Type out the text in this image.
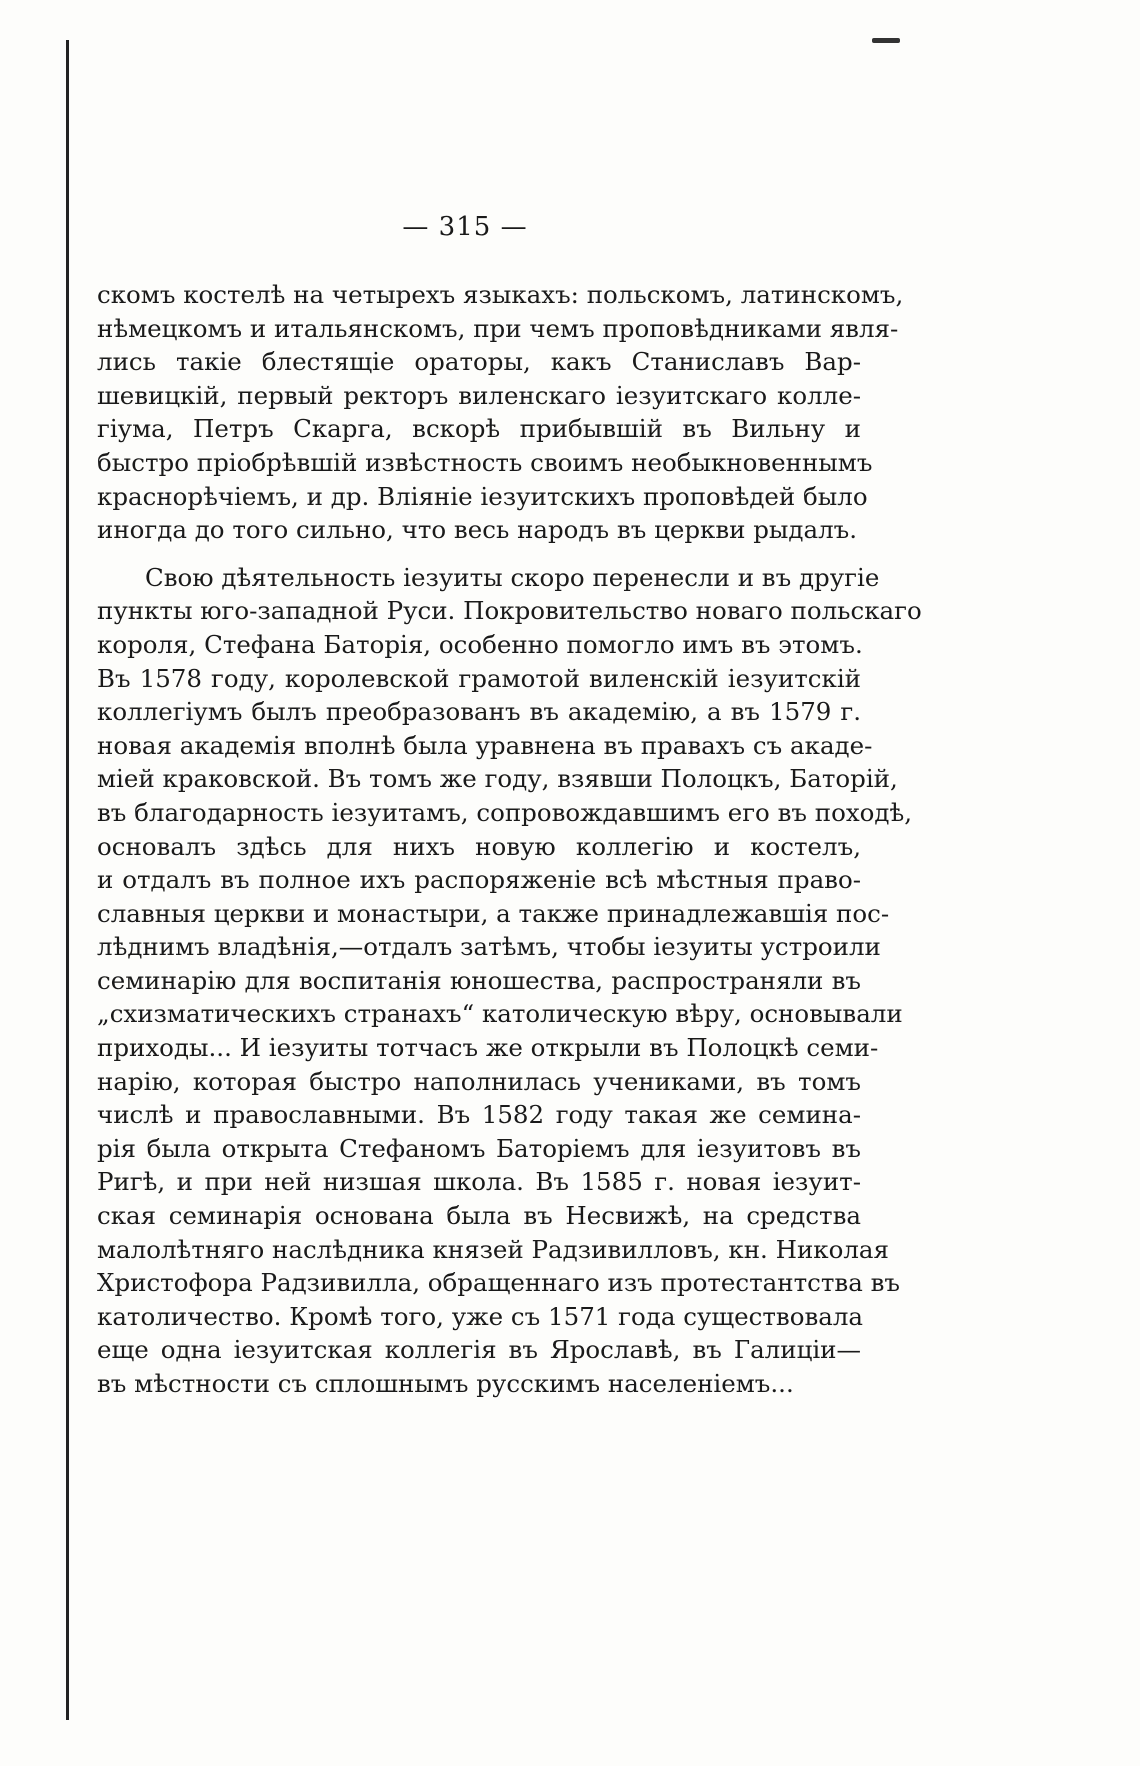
— 315 —
скомъ костелѣ на четырехъ языкахъ: польскомъ, латинскомъ,
нѣмецкомъ и итальянскомъ, при чемъ проповѣдниками явля-
лись такіе блестящіе ораторы, какъ Станиславъ Вар-
шевицкій, первый ректоръ виленскаго іезуитскаго колле-
гіума, Петръ Скарга, вскорѣ прибывшій въ Вильну и
быстро пріобрѣвшій извѣстность своимъ необыкновеннымъ
краснорѣчіемъ, и др. Вліяніе іезуитскихъ проповѣдей было
иногда до того сильно, что весь народъ въ церкви рыдалъ.
Свою дѣятельность іезуиты скоро перенесли и въ другіе
пункты юго-западной Руси. Покровительство новаго польскаго
короля, Стефана Баторія, особенно помогло имъ въ этомъ.
Въ 1578 году, королевской грамотой виленскій іезуитскій
коллегіумъ былъ преобразованъ въ академію, а въ 1579 г.
новая академія вполнѣ была уравнена въ правахъ съ акаде-
міей краковской. Въ томъ же году, взявши Полоцкъ, Баторій,
въ благодарность іезуитамъ, сопровождавшимъ его въ походѣ,
основалъ здѣсь для нихъ новую коллегію и костелъ,
и отдалъ въ полное ихъ распоряженіе всѣ мѣстныя право-
славныя церкви и монастыри, а также принадлежавшія пос-
лѣднимъ владѣнія,—отдалъ затѣмъ, чтобы іезуиты устроили
семинарію для воспитанія юношества, распространяли въ
„схизматическихъ странахъ“ католическую вѣру, основывали
приходы... И іезуиты тотчасъ же открыли въ Полоцкѣ семи-
нарію, которая быстро наполнилась учениками, въ томъ
числѣ и православными. Въ 1582 году такая же семина-
рія была открыта Стефаномъ Баторіемъ для іезуитовъ въ
Ригѣ, и при ней низшая школа. Въ 1585 г. новая іезуит-
ская семинарія основана была въ Несвижѣ, на средства
малолѣтняго наслѣдника князей Радзивилловъ, кн. Николая
Христофора Радзивилла, обращеннаго изъ протестантства въ
католичество. Кромѣ того, уже съ 1571 года существовала
еще одна іезуитская коллегія въ Ярославѣ, въ Галиціи—
въ мѣстности съ сплошнымъ русскимъ населеніемъ...
